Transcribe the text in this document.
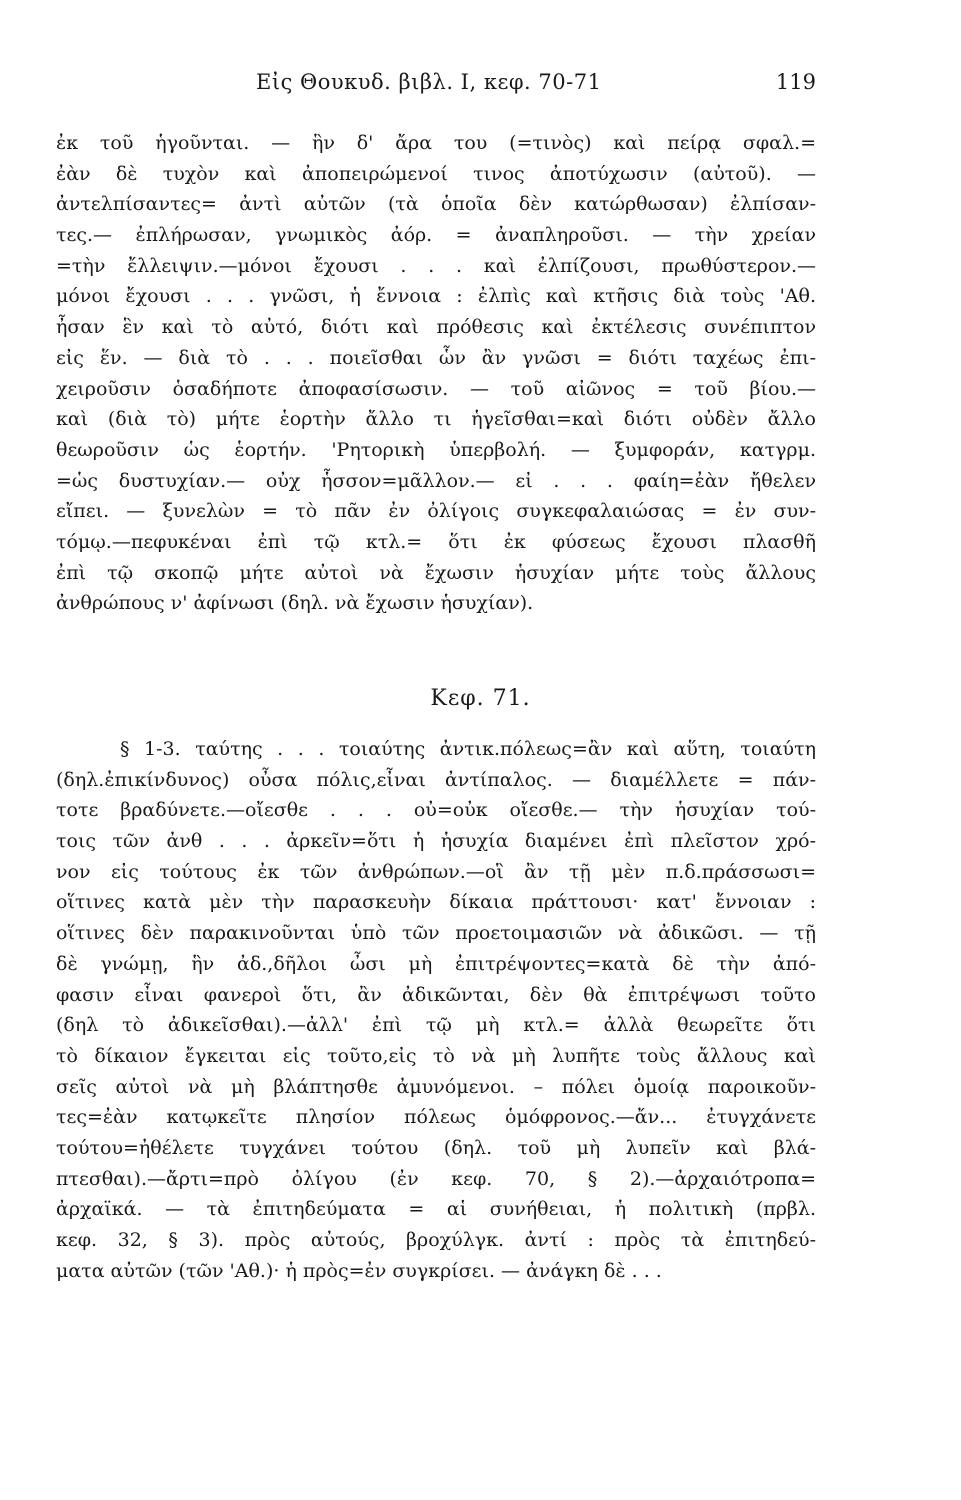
Εἰς Θουκυδ. βιβλ. Ι, κεφ. 70-71	119
ἐκ τοῦ ἡγοῦνται. — ἣν δ' ἄρα του (=τινὸς) καὶ πείρᾳ σφαλ.=
ἐὰν δὲ τυχὸν καὶ ἀποπειρώμενοί τινος ἀποτύχωσιν (αὐτοῦ). —
ἀντελπίσαντες= ἀντὶ αὐτῶν (τὰ ὁποῖα δὲν κατώρθωσαν) ἐλπίσαν-
τες.— ἐπλήρωσαν, γνωμικὸς ἀόρ. = ἀναπληροῦσι. — τὴν χρείαν
=τὴν ἔλλειψιν.—μόνοι ἔχουσι . . . καὶ ἐλπίζουσι, πρωθύστερον.—
μόνοι ἔχουσι . . . γνῶσι, ἡ ἔννοια : ἐλπὶς καὶ κτῆσις διὰ τοὺς 'Αθ.
ἦσαν ἓν καὶ τὸ αὐτό, διότι καὶ πρόθεσις καὶ ἐκτέλεσις συνέπιπτον
εἰς ἕν. — διὰ τὸ . . . ποιεῖσθαι ὧν ἂν γνῶσι = διότι ταχέως ἐπι-
χειροῦσιν ὁσαδήποτε ἀποφασίσωσιν. — τοῦ αἰῶνος = τοῦ βίου.—
καὶ (διὰ τὸ) μήτε ἑορτὴν ἄλλο τι ἡγεῖσθαι=καὶ διότι οὐδὲν ἄλλο
θεωροῦσιν ὡς ἑορτήν. 'Ρητορικὴ ὑπερβολή. — ξυμφοράν, κατγρμ.
=ὡς δυστυχίαν.— οὐχ ἧσσον=μᾶλλον.— εἰ . . . φαίη=ἐὰν ἤθελεν
εἴπει. — ξυνελὼν = τὸ πᾶν ἐν ὀλίγοις συγκεφαλαιώσας = ἐν συν-
τόμῳ.—πεφυκέναι ἐπὶ τῷ κτλ.= ὅτι ἐκ φύσεως ἔχουσι πλασθῆ
ἐπὶ τῷ σκοπῷ μήτε αὐτοὶ νὰ ἔχωσιν ἡσυχίαν μήτε τοὺς ἄλλους
ἀνθρώπους ν' ἀφίνωσι (δηλ. νὰ ἔχωσιν ἡσυχίαν).
Κεφ. 71.
§ 1-3. ταύτης . . . τοιαύτης ἀντικ.πόλεως=ἂν καὶ αὕτη, τοιαύτη
(δηλ.ἐπικίνδυνος) οὖσα πόλις,εἶναι ἀντίπαλος. — διαμέλλετε = πάν-
τοτε βραδύνετε.—οἴεσθε . . . οὐ=οὐκ οἴεσθε.— τὴν ἡσυχίαν τού-
τοις τῶν ἀνθ . . . ἀρκεῖν=ὅτι ἡ ἡσυχία διαμένει ἐπὶ πλεῖστον χρό-
νον εἰς τούτους ἐκ τῶν ἀνθρώπων.—οἳ ἂν τῇ μὲν π.δ.πράσσωσι=
οἵτινες κατὰ μὲν τὴν παρασκευὴν δίκαια πράττουσι· κατ' ἔννοιαν :
οἵτινες δὲν παρακινοῦνται ὑπὸ τῶν προετοιμασιῶν νὰ ἀδικῶσι. — τῇ
δὲ γνώμῃ, ἣν ἀδ.,δῆλοι ὦσι μὴ ἐπιτρέψοντες=κατὰ δὲ τὴν ἀπό-
φασιν εἶναι φανεροὶ ὅτι, ἂν ἀδικῶνται, δὲν θὰ ἐπιτρέψωσι τοῦτο
(δηλ τὸ ἀδικεῖσθαι).—ἀλλ' ἐπὶ τῷ μὴ κτλ.= ἀλλὰ θεωρεῖτε ὅτι
τὸ δίκαιον ἔγκειται εἰς τοῦτο,εἰς τὸ νὰ μὴ λυπῆτε τοὺς ἄλλους καὶ
σεῖς αὐτοὶ νὰ μὴ βλάπτησθε ἀμυνόμενοι. – πόλει ὁμοίᾳ παροικοῦν-
τες=ἐὰν κατῳκεῖτε πλησίον πόλεως ὁμόφρονος.—ἄν... ἐτυγχάνετε
τούτου=ἠθέλετε τυγχάνει τούτου (δηλ. τοῦ μὴ λυπεῖν καὶ βλά-
πτεσθαι).—ἄρτι=πρὸ ὀλίγου (ἐν κεφ. 70, § 2).—ἀρχαιότροπα=
ἀρχαϊκά. — τὰ ἐπιτηδεύματα = αἱ συνήθειαι, ἡ πολιτικὴ (πρβλ.
κεφ. 32, § 3). πρὸς αὐτούς, βροχύλγκ. ἀντί : πρὸς τὰ ἐπιτηδεύ-
ματα αὐτῶν (τῶν 'Αθ.)· ἡ πρὸς=ἐν συγκρίσει. — ἀνάγκη δὲ . . .
